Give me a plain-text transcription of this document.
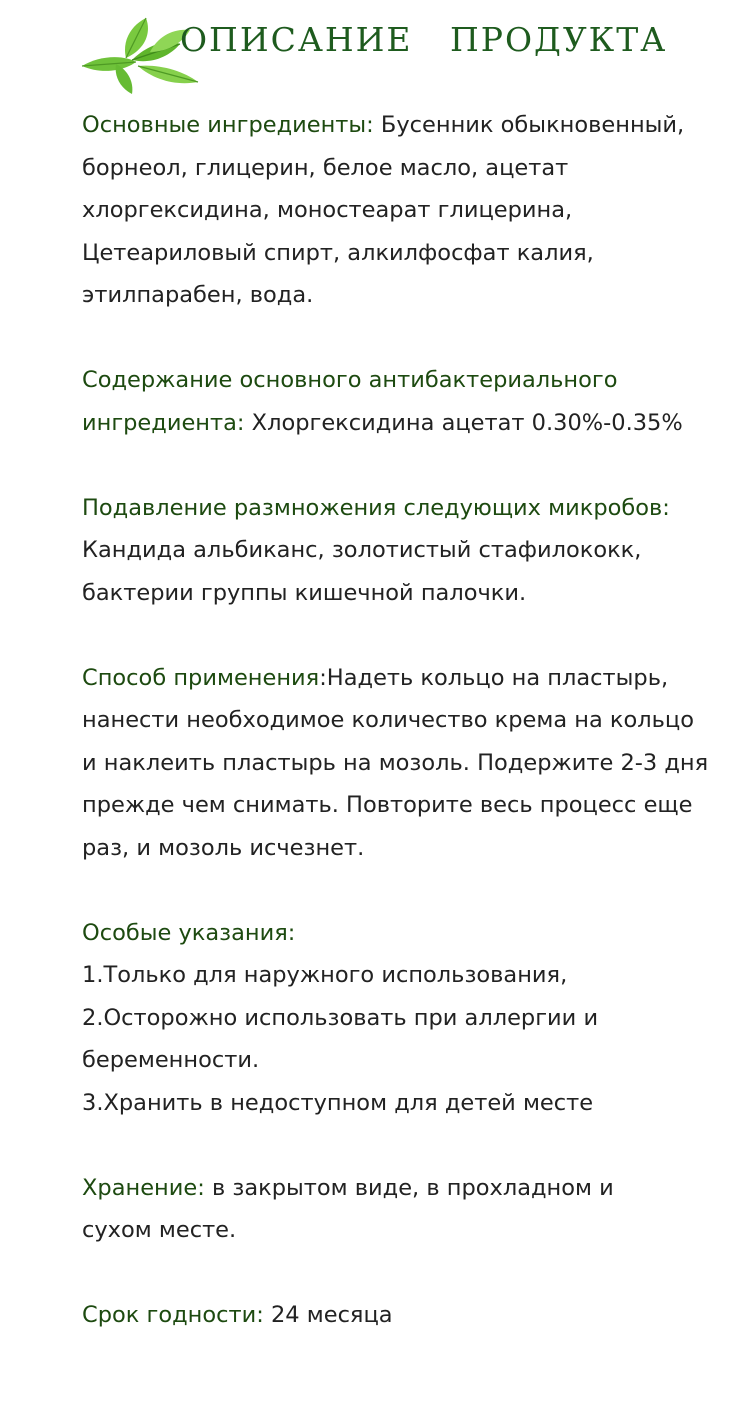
ОПИСАНИЕ   ПРОДУКТА
Основные ингредиенты: Бусенник обыкновенный,
борнеол, глицерин, белое масло, ацетат
хлоргексидина, моностеарат глицерина,
Цетеариловый спирт, алкилфосфат калия,
этилпарабен, вода.
Содержание основного антибактериального
ингредиента: Хлоргексидина ацетат 0.30%-0.35%
Подавление размножения следующих микробов:
Кандида альбиканс, золотистый стафилококк,
бактерии группы кишечной палочки.
Способ применения:Надеть кольцо на пластырь,
нанести необходимое количество крема на кольцо
и наклеить пластырь на мозоль. Подержите 2-3 дня
прежде чем снимать. Повторите весь процесс еще
раз, и мозоль исчезнет.
Особые указания:
1.Только для наружного использования,
2.Осторожно использовать при аллергии и
беременности.
3.Хранить в недоступном для детей месте
Хранение: в закрытом виде, в прохладном и
сухом месте.
Срок годности: 24 месяца
